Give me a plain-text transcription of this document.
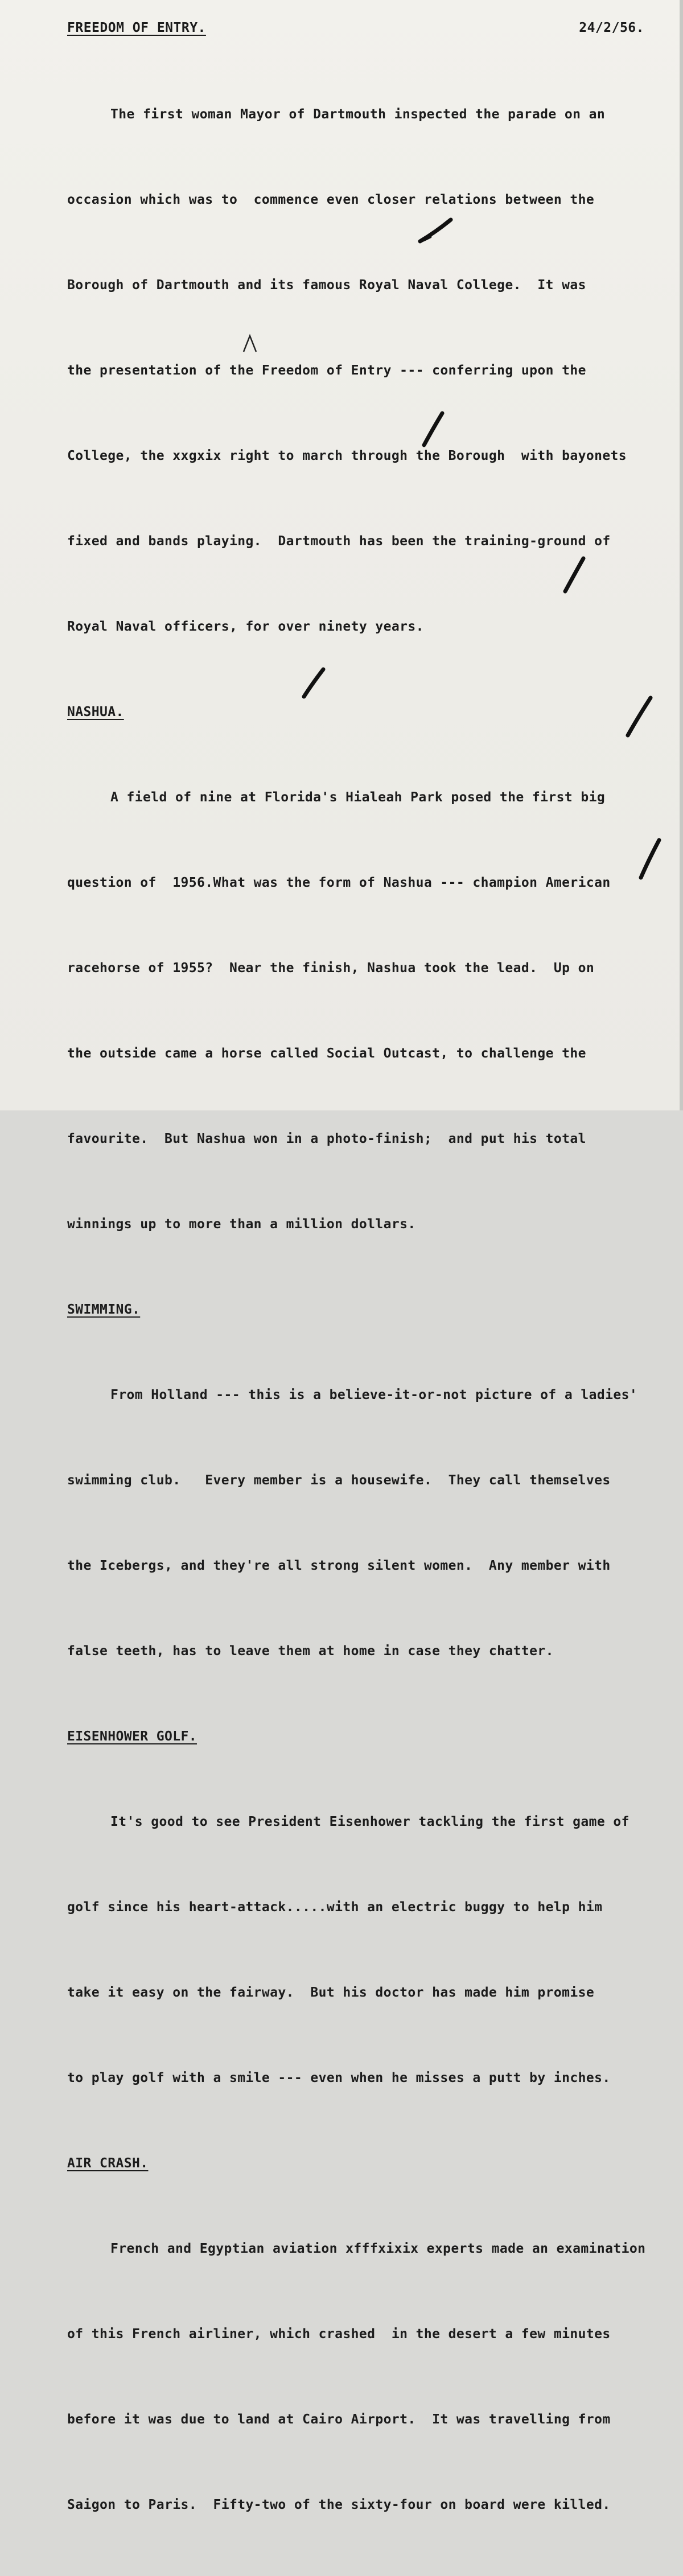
FREEDOM OF ENTRY.	24/2/56.

The first woman Mayor of Dartmouth inspected the parade on an

occasion which was to  commence even closer relations between the

Borough of Dartmouth and its famous Royal Naval College.  It was

the presentation of the Freedom of Entry --- conferring upon the

College, the xxgxix right to march through the Borough  with bayonets

fixed and bands playing.  Dartmouth has been the training-ground of

Royal Naval officers, for over ninety years.

NASHUA.

A field of nine at Florida's Hialeah Park posed the first big

question of  1956.What was the form of Nashua --- champion American

racehorse of 1955?  Near the finish, Nashua took the lead.  Up on

the outside came a horse called Social Outcast, to challenge the

favourite.  But Nashua won in a photo-finish;  and put his total

winnings up to more than a million dollars.

SWIMMING.

From Holland --- this is a believe-it-or-not picture of a ladies'

swimming club.   Every member is a housewife.  They call themselves

the Icebergs, and they're all strong silent women.  Any member with

false teeth, has to leave them at home in case they chatter.

EISENHOWER GOLF.

It's good to see President Eisenhower tackling the first game of

golf since his heart-attack.....with an electric buggy to help him

take it easy on the fairway.  But his doctor has made him promise

to play golf with a smile --- even when he misses a putt by inches.

AIR CRASH.

French and Egyptian aviation xfffxixix experts made an examination

of this French airliner, which crashed  in the desert a few minutes

before it was due to land at Cairo Airport.  It was travelling from

Saigon to Paris.  Fifty-two of the sixty-four on board were killed.
